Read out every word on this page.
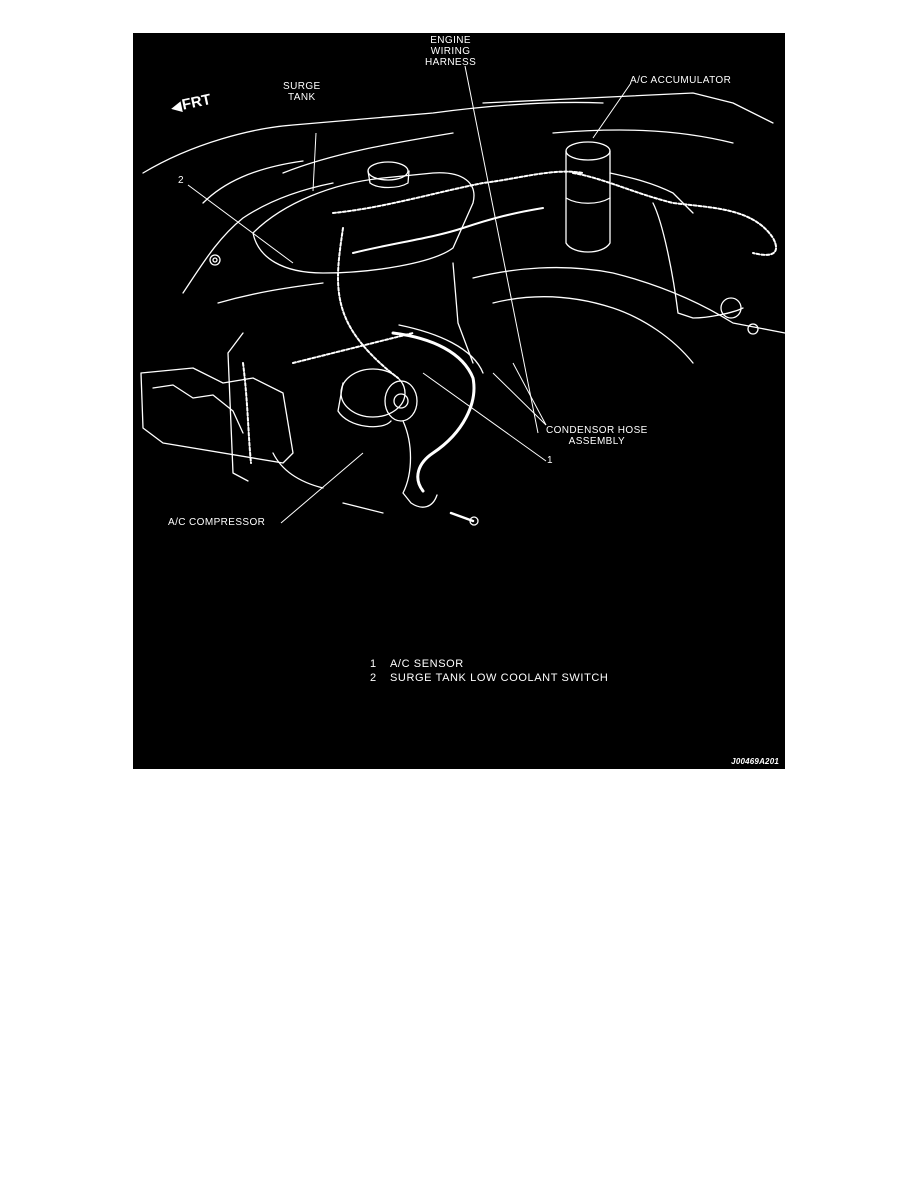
◀FRT
ENGINE
WIRING
HARNESS
SURGE
TANK
A/C ACCUMULATOR
2
CONDENSOR HOSE
ASSEMBLY
1
A/C COMPRESSOR
1 A/C SENSOR
2 SURGE TANK LOW COOLANT SWITCH
J00469A201
